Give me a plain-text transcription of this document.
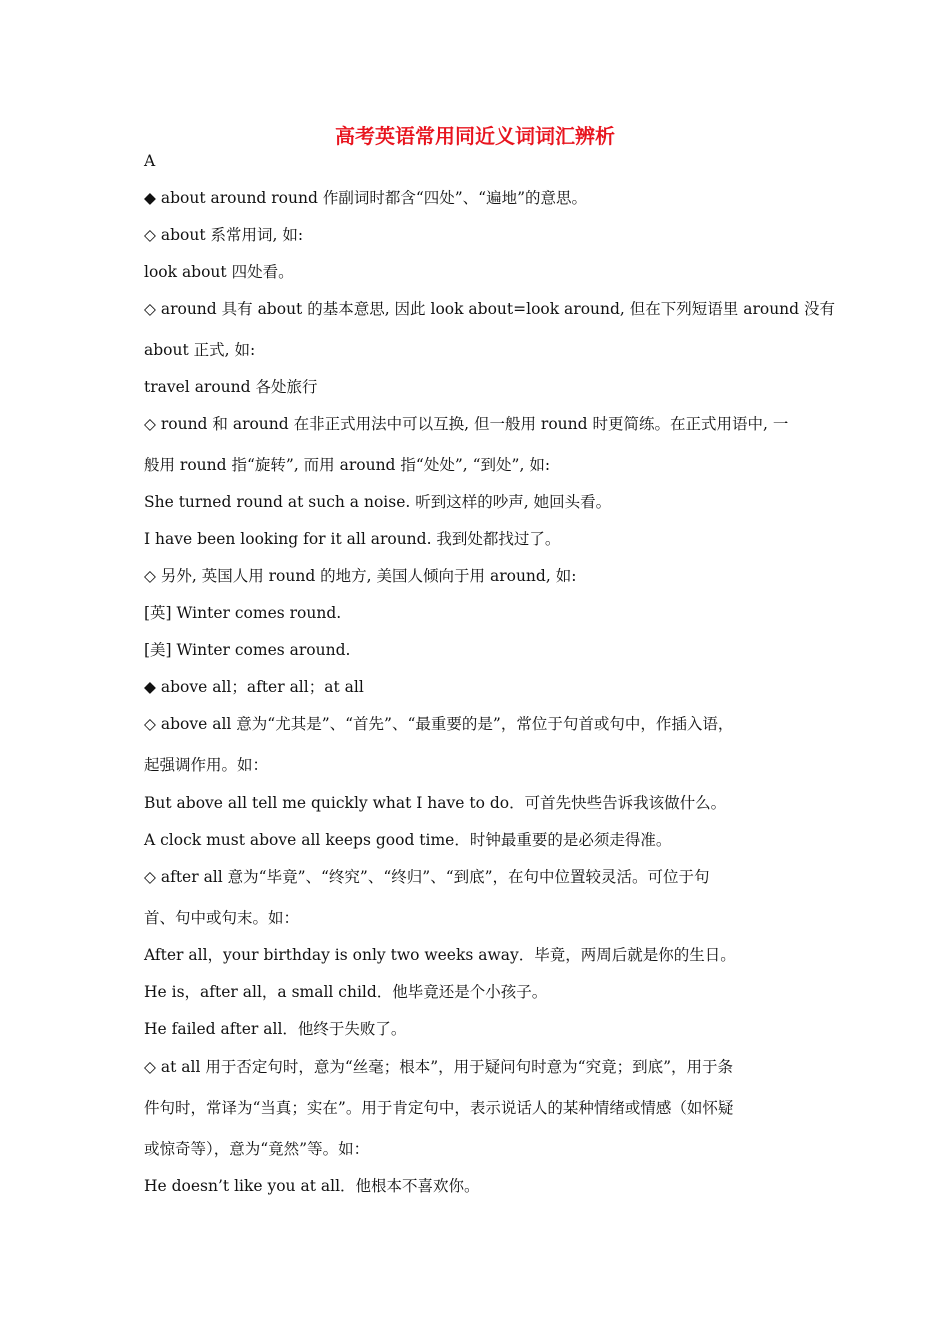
高考英语常用同近义词词汇辨析
A
◆ about around round 作副词时都含“四处”、“遍地”的意思。
◇ about 系常用词, 如:
look about 四处看。
◇ around 具有 about 的基本意思, 因此 look about=look around, 但在下列短语里 around 没有
about 正式, 如:
travel around 各处旅行
◇ round 和 around 在非正式用法中可以互换, 但一般用 round 时更简练。在正式用语中, 一
般用 round 指“旋转”, 而用 around 指“处处”, “到处”, 如:
She turned round at such a noise. 听到这样的吵声, 她回头看。
I have been looking for it all around. 我到处都找过了。
◇ 另外, 英国人用 round 的地方, 美国人倾向于用 around, 如:
[英] Winter comes round.
[美] Winter comes around.
◆ above all；after all；at all
◇ above all 意为“尤其是”、“首先”、“最重要的是”，常位于句首或句中，作插入语，
起强调作用。如：
But above all tell me quickly what I have to do．可首先快些告诉我该做什么。
A clock must above all keeps good time．时钟最重要的是必须走得准。
◇ after all 意为“毕竟”、“终究”、“终归”、“到底”，在句中位置较灵活。可位于句
首、句中或句末。如：
After all，your birthday is only two weeks away．毕竟，两周后就是你的生日。
He is，after all，a small child．他毕竟还是个小孩子。
He failed after all．他终于失败了。
◇ at all 用于否定句时，意为“丝毫；根本”，用于疑问句时意为“究竟；到底”，用于条
件句时，常译为“当真；实在”。用于肯定句中，表示说话人的某种情绪或情感（如怀疑
或惊奇等），意为“竟然”等。如：
He doesn’t like you at all．他根本不喜欢你。
